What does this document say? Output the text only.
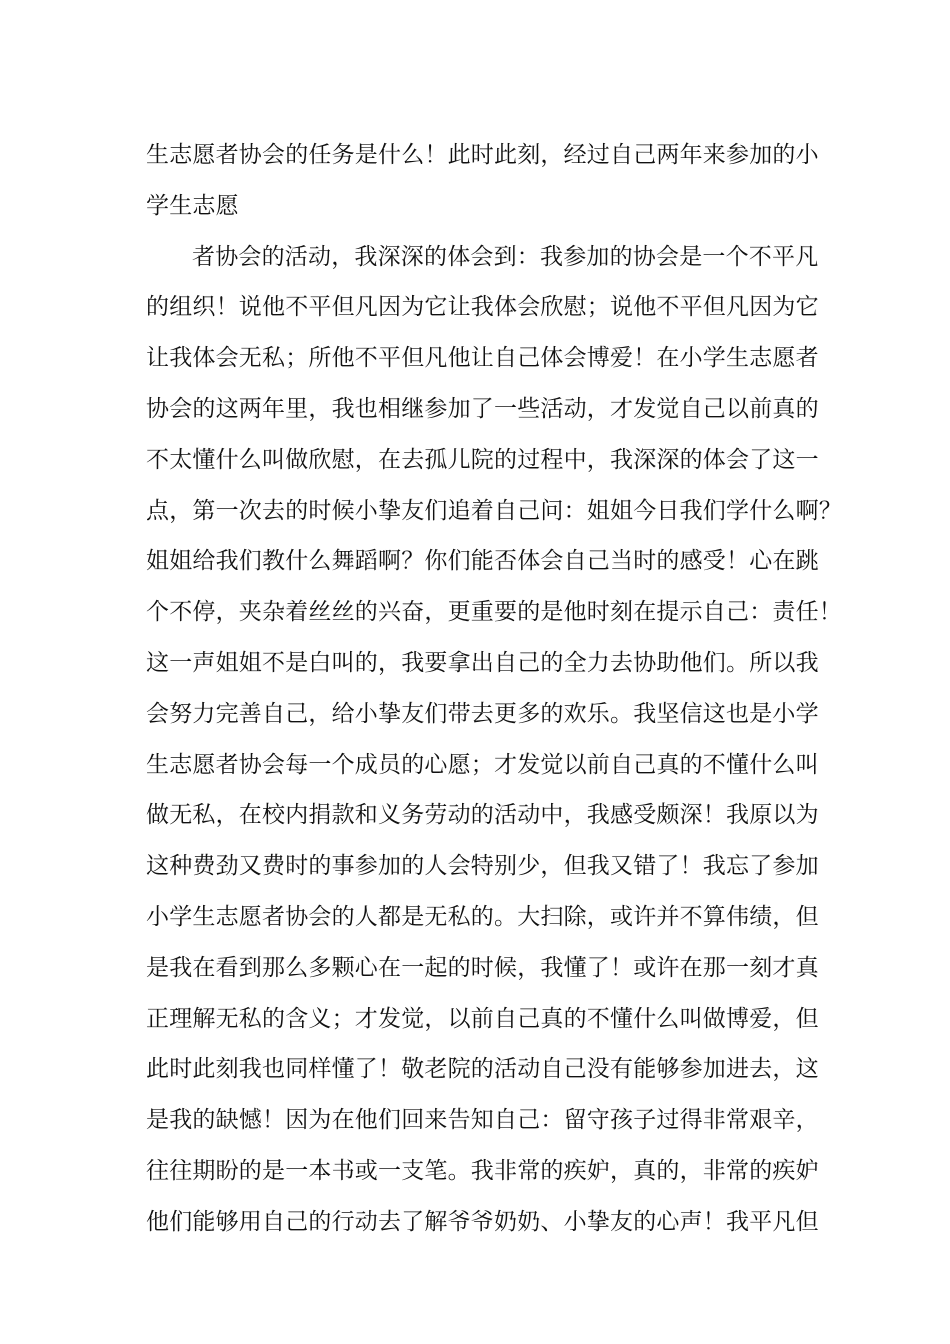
生志愿者协会的任务是什么！此时此刻，经过自己两年来参加的小
学生志愿
者协会的活动，我深深的体会到：我参加的协会是一个不平凡
的组织！说他不平但凡因为它让我体会欣慰；说他不平但凡因为它
让我体会无私；所他不平但凡他让自己体会博爱！在小学生志愿者
协会的这两年里，我也相继参加了一些活动，才发觉自己以前真的
不太懂什么叫做欣慰，在去孤儿院的过程中，我深深的体会了这一
点，第一次去的时候小挚友们追着自己问：姐姐今日我们学什么啊？
姐姐给我们教什么舞蹈啊？你们能否体会自己当时的感受！心在跳
个不停，夹杂着丝丝的兴奋，更重要的是他时刻在提示自己：责任！
这一声姐姐不是白叫的，我要拿出自己的全力去协助他们。所以我
会努力完善自己，给小挚友们带去更多的欢乐。我坚信这也是小学
生志愿者协会每一个成员的心愿；才发觉以前自己真的不懂什么叫
做无私，在校内捐款和义务劳动的活动中，我感受颇深！我原以为
这种费劲又费时的事参加的人会特别少，但我又错了！我忘了参加
小学生志愿者协会的人都是无私的。大扫除，或许并不算伟绩，但
是我在看到那么多颗心在一起的时候，我懂了！或许在那一刻才真
正理解无私的含义；才发觉，以前自己真的不懂什么叫做博爱，但
此时此刻我也同样懂了！敬老院的活动自己没有能够参加进去，这
是我的缺憾！因为在他们回来告知自己：留守孩子过得非常艰辛，
往往期盼的是一本书或一支笔。我非常的疾妒，真的，非常的疾妒
他们能够用自己的行动去了解爷爷奶奶、小挚友的心声！我平凡但
